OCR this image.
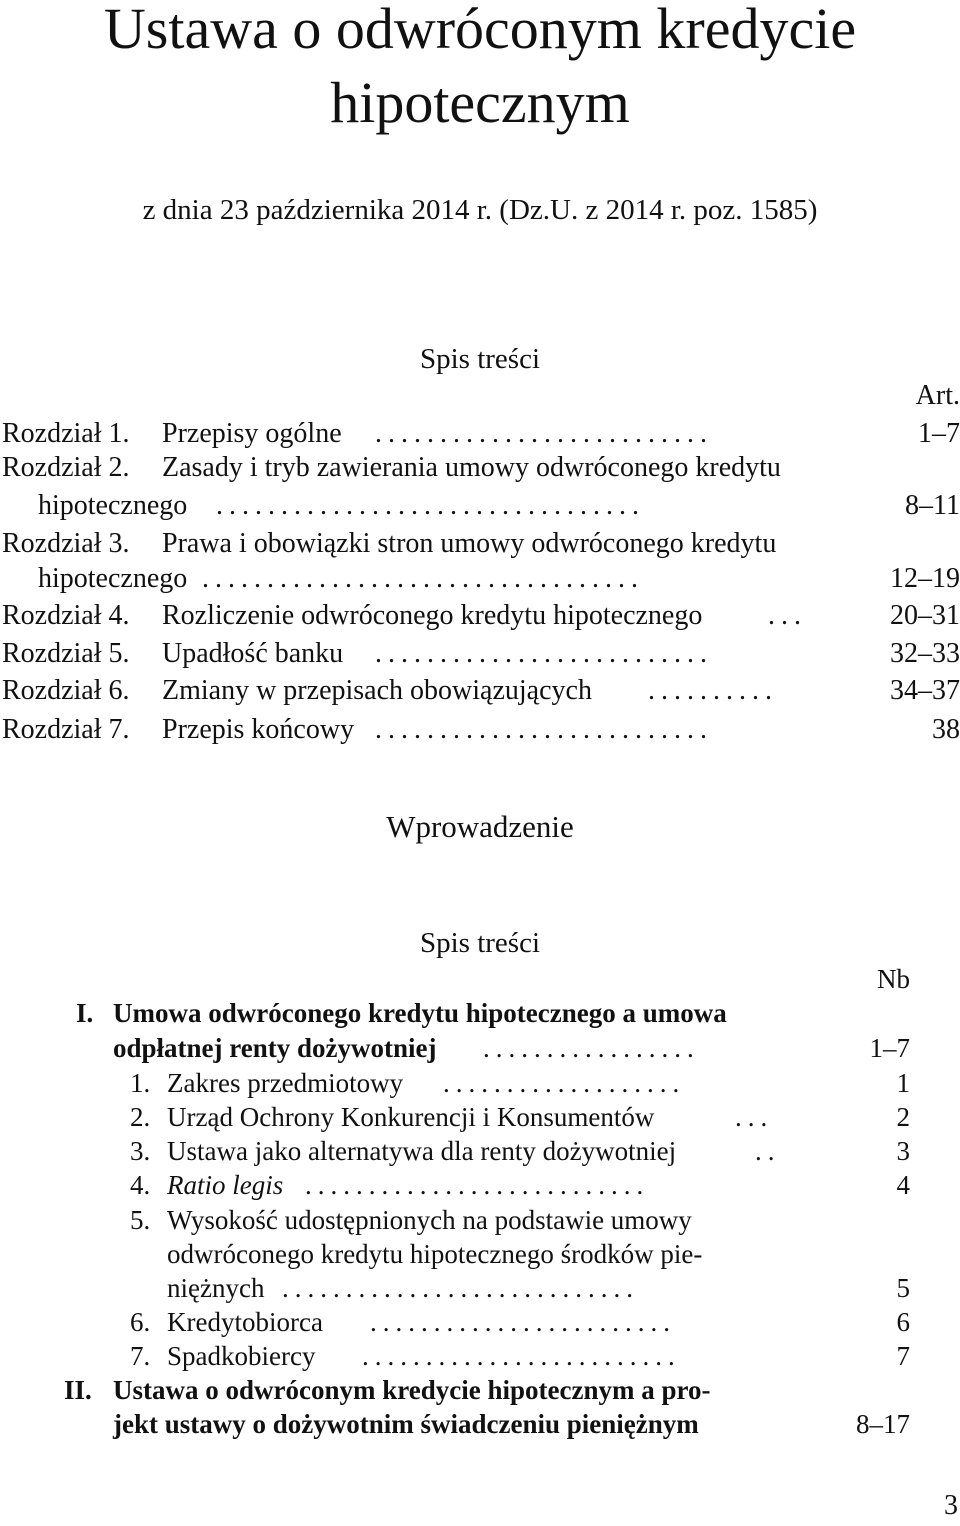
Ustawa o odwróconym kredycie
hipotecznym
z dnia 23 października 2014 r. (Dz.U. z 2014 r. poz. 1585)
Spis treści
Art.
Rozdział 1. Przepisy ogólne ..........................	1–7
Rozdział 2. Zasady i tryb zawierania umowy odwróconego kredytu
hipotecznego .................................	8–11
Rozdział 3. Prawa i obowiązki stron umowy odwróconego kredytu
hipotecznego ..................................	12–19
Rozdział 4. Rozliczenie odwróconego kredytu hipotecznego ...	20–31
Rozdział 5. Upadłość banku ..........................	32–33
Rozdział 6. Zmiany w przepisach obowiązujących ..........	34–37
Rozdział 7. Przepis końcowy ..........................	38
Wprowadzenie
Spis treści
Nb
I. Umowa odwróconego kredytu hipotecznego a umowa
odpłatnej renty dożywotniej .................	1–7
1. Zakres przedmiotowy ...................	1
2. Urząd Ochrony Konkurencji i Konsumentów	...	2
3. Ustawa jako alternatywa dla renty dożywotniej	..	3
4. Ratio legis ...........................	4
5. Wysokość udostępnionych na podstawie umowy
odwróconego kredytu hipotecznego środków pie-
niężnych ............................	5
6. Kredytobiorca ........................	6
7. Spadkobiercy .........................	7
II. Ustawa o odwróconym kredycie hipotecznym a pro-
jekt ustawy o dożywotnim świadczeniu pieniężnym	8–17
3
